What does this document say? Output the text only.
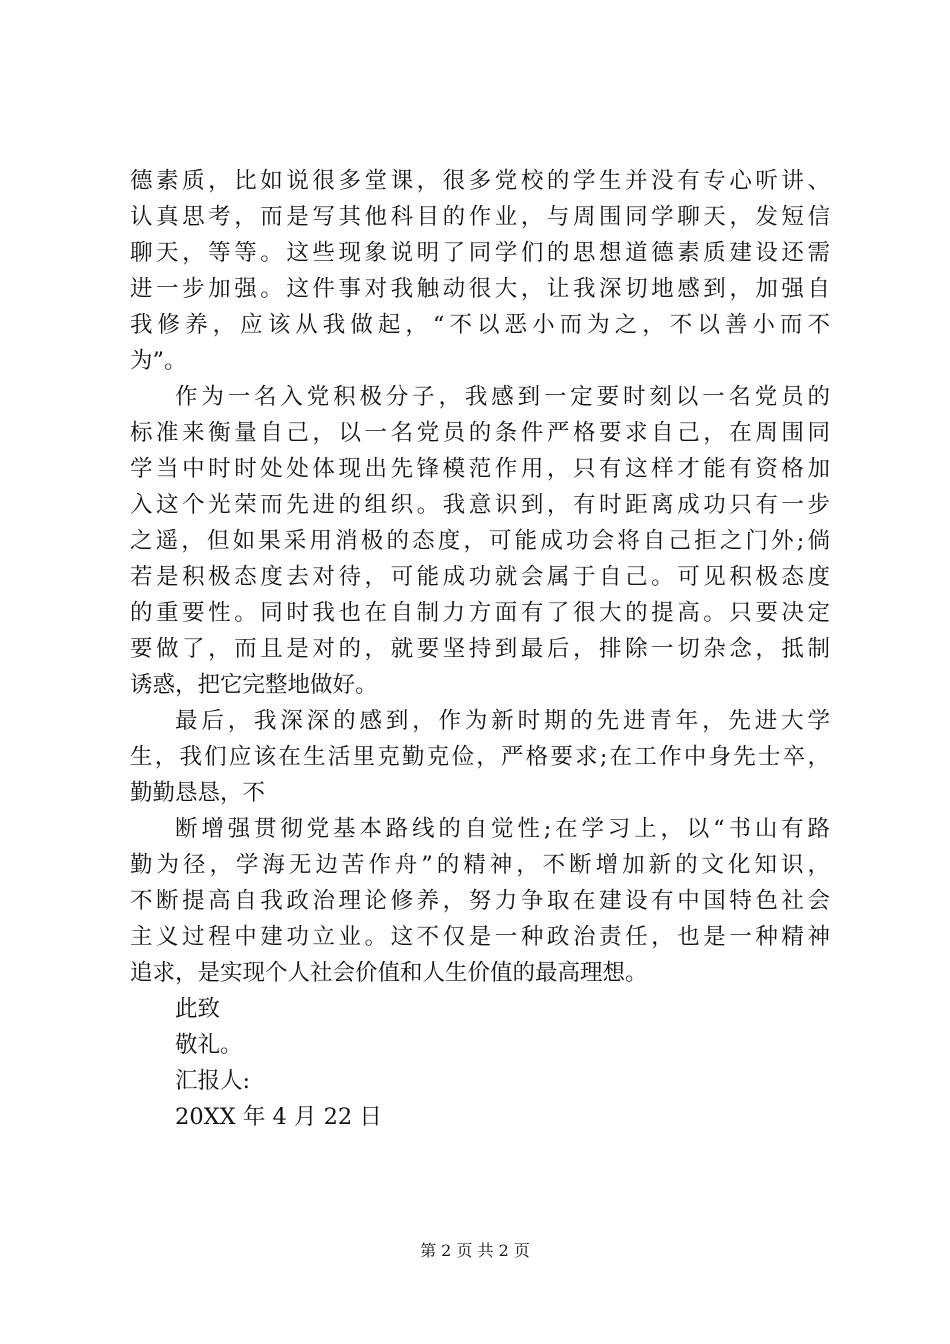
德素质，比如说很多堂课，很多党校的学生并没有专心听讲、
认真思考，而是写其他科目的作业，与周围同学聊天，发短信
聊天，等等。这些现象说明了同学们的思想道德素质建设还需
进一步加强。这件事对我触动很大，让我深切地感到，加强自
我修养，应该从我做起，“不以恶小而为之，不以善小而不
为”。
作为一名入党积极分子，我感到一定要时刻以一名党员的
标准来衡量自己，以一名党员的条件严格要求自己，在周围同
学当中时时处处体现出先锋模范作用，只有这样才能有资格加
入这个光荣而先进的组织。我意识到，有时距离成功只有一步
之遥，但如果采用消极的态度，可能成功会将自己拒之门外;倘
若是积极态度去对待，可能成功就会属于自己。可见积极态度
的重要性。同时我也在自制力方面有了很大的提高。只要决定
要做了，而且是对的，就要坚持到最后，排除一切杂念，抵制
诱惑，把它完整地做好。
最后，我深深的感到，作为新时期的先进青年，先进大学
生，我们应该在生活里克勤克俭，严格要求;在工作中身先士卒，
勤勤恳恳，不
断增强贯彻党基本路线的自觉性;在学习上，以“书山有路
勤为径，学海无边苦作舟”的精神，不断增加新的文化知识，
不断提高自我政治理论修养，努力争取在建设有中国特色社会
主义过程中建功立业。这不仅是一种政治责任，也是一种精神
追求，是实现个人社会价值和人生价值的最高理想。
此致
敬礼。
汇报人:
20XX 年 4 月 22 日
第 2 页 共 2 页
